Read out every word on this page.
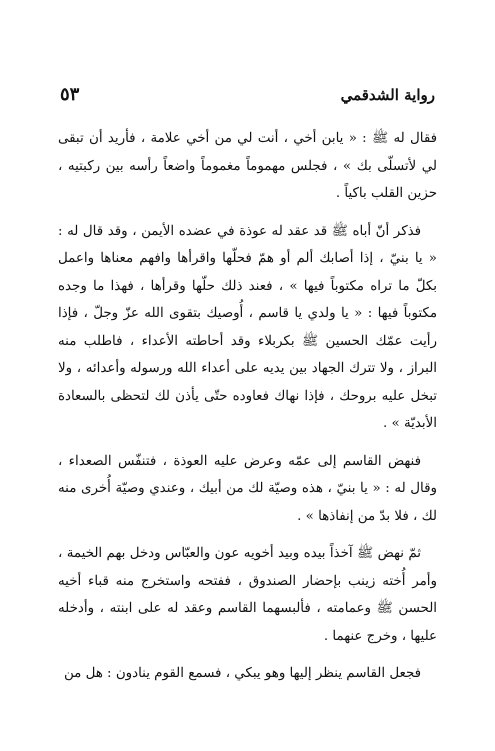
رواية الشدقمي
٥٣

فقال له ﷺ : « يابن أخي ، أنت لي من أخي علامة ، فأريد أن تبقى لي لأتسلّى بك » ، فجلس مهموماً مغموماً واضعاً رأسه بين ركبتيه ، حزين القلب باكياً .

فذكر أنّ أباه ﷺ قد عقد له عوذة في عضده الأيمن ، وقد قال له : « يا بنيّ ، إذا أصابك ألم أو همّ فحلّها واقرأها وافهم معناها واعمل بكلّ ما تراه مكتوباً فيها » ، فعند ذلك حلّها وقرأها ، فهذا ما وجده مكتوباً فيها : « يا ولدي يا قاسم ، أُوصيك بتقوى الله عزّ وجلّ ، فإذا رأيت عمّك الحسين ﷺ بكربلاء وقد أحاطته الأعداء ، فاطلب منه البراز ، ولا تترك الجهاد بين يديه على أعداء الله ورسوله وأعدائه ، ولا تبخل عليه بروحك ، فإذا نهاك فعاوده حتّى يأذن لك لتحظى بالسعادة الأبديّة » .

فنهض القاسم إلى عمّه وعرض عليه العوذة ، فتنفّس الصعداء ، وقال له : « يا بنيّ ، هذه وصيّة لك من أبيك ، وعندي وصيّة أُخرى منه لك ، فلا بدّ من إنفاذها » .

ثمّ نهض ﷺ آخذاً بيده وبيد أخويه عون والعبّاس ودخل بهم الخيمة ، وأمر أُخته زينب بإحضار الصندوق ، ففتحه واستخرج منه قباء أخيه الحسن ﷺ وعمامته ، فألبسهما القاسم وعقد له على ابنته ، وأدخله عليها ، وخرج عنهما .

فجعل القاسم ينظر إليها وهو يبكي ، فسمع القوم ينادون : هل من
